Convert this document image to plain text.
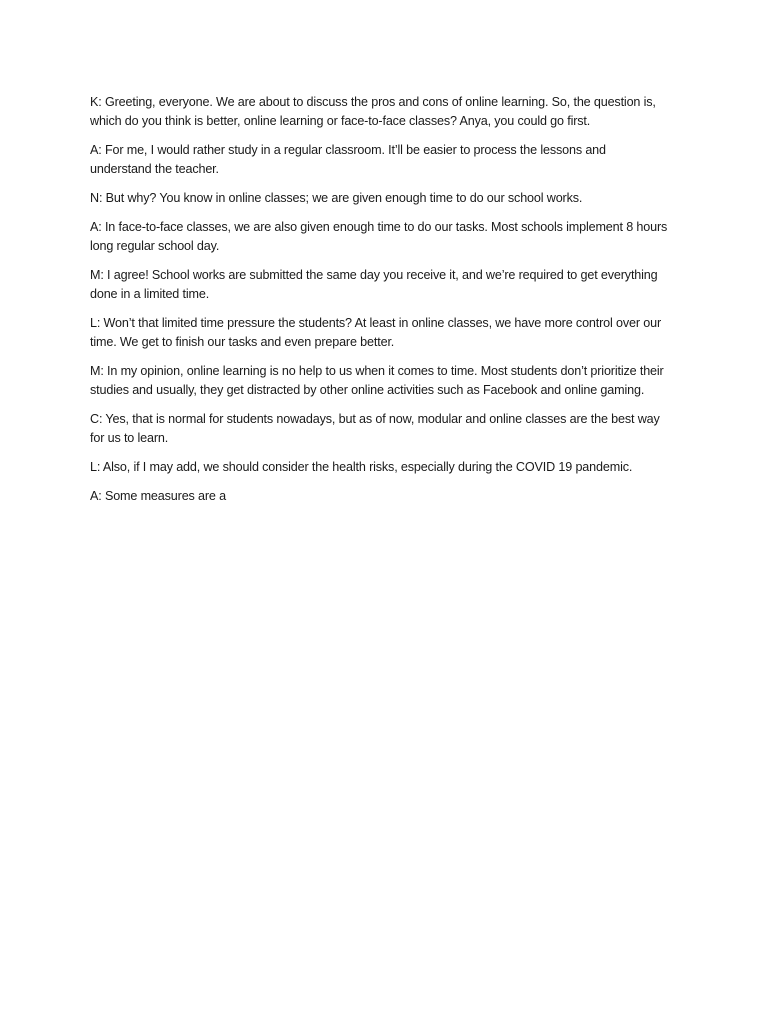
K: Greeting, everyone. We are about to discuss the pros and cons of online learning. So, the question is, which do you think is better, online learning or face-to-face classes? Anya, you could go first.

A: For me, I would rather study in a regular classroom. It’ll be easier to process the lessons and understand the teacher.

N: But why? You know in online classes; we are given enough time to do our school works.

A: In face-to-face classes, we are also given enough time to do our tasks. Most schools implement 8 hours long regular school day.

M: I agree! School works are submitted the same day you receive it, and we’re required to get everything done in a limited time.

L: Won’t that limited time pressure the students? At least in online classes, we have more control over our time. We get to finish our tasks and even prepare better.

M: In my opinion, online learning is no help to us when it comes to time. Most students don’t prioritize their studies and usually, they get distracted by other online activities such as Facebook and online gaming.

C: Yes, that is normal for students nowadays, but as of now, modular and online classes are the best way for us to learn.

L: Also, if I may add, we should consider the health risks, especially during the COVID 19 pandemic.

A: Some measures are a
